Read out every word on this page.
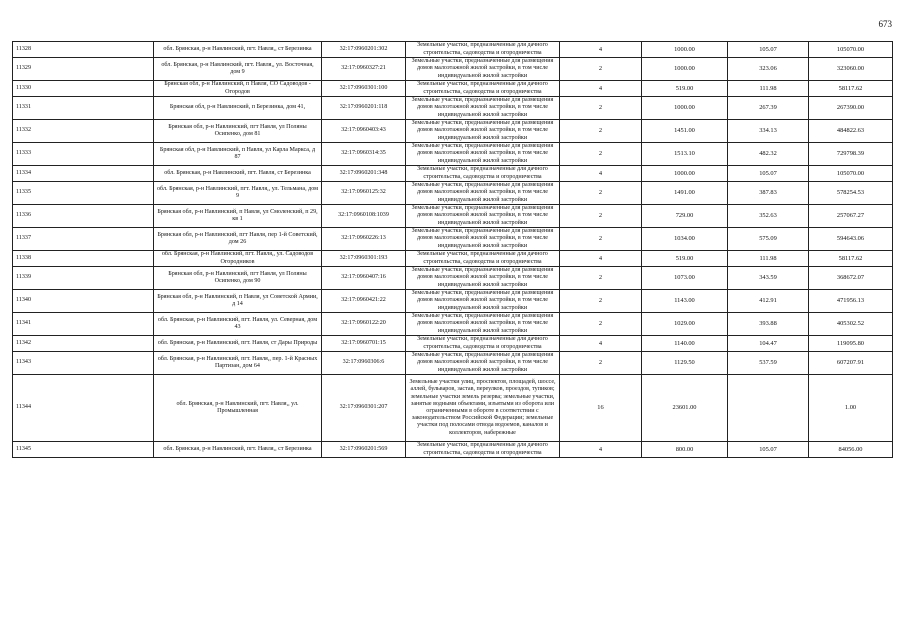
673
11328	обл. Брянская, р-н Навлинский, пгт. Навля,, ст Березинка	32:17:0960201:302	Земельные участки, предназначенные для дачного строительства, садоводства и огородничества	4	1000.00	105.07	105070.00
11329	обл. Брянская, р-н Навлинский, пгт. Навля,, ул. Восточная, дом 9	32:17:0960327:21	Земельные участки, предназначенные для размещения домов малоэтажной жилой застройки, в том числе индивидуальной жилой застройки	2	1000.00	323.06	323060.00
11330	Брянская обл, р-н Навлинский, п Навля, СО Садоводов - Огородов	32:17:0960301:100	Земельные участки, предназначенные для дачного строительства, садоводства и огородничества	4	519.00	111.98	58117.62
11331	Брянская обл, р-н Навлинский, п Березинка, дом 41,	32:17:0960201:118	Земельные участки, предназначенные для размещения домов малоэтажной жилой застройки, в том числе индивидуальной жилой застройки	2	1000.00	267.39	267390.00
11332	Брянская обл, р-н Навлинский, пгт Навля, ул Поляны Осипенко, дом 81	32:17:0960403:43	Земельные участки, предназначенные для размещения домов малоэтажной жилой застройки, в том числе индивидуальной жилой застройки	2	1451.00	334.13	484822.63
11333	Брянская обл, р-н Навлинский, п Навля, ул Карла Маркса, д 87	32:17:0960314:35	Земельные участки, предназначенные для размещения домов малоэтажной жилой застройки, в том числе индивидуальной жилой застройки	2	1513.10	482.32	729798.39
11334	обл. Брянская, р-н Навлинский, пгт. Навля, ст Березинка	32:17:0960201:348	Земельные участки, предназначенные для дачного строительства, садоводства и огородничества	4	1000.00	105.07	105070.00
11335	обл. Брянская, р-н Навлинский, пгт. Навля,, ул. Тельмана, дом 9	32:17:0960125:32	Земельные участки, предназначенные для размещения домов малоэтажной жилой застройки, в том числе индивидуальной жилой застройки	2	1491.00	387.83	578254.53
11336	Брянская обл, р-н Навлинский, п Навля, ул Смоленский, п 29, кв 1	32:17:0960108:1039	Земельные участки, предназначенные для размещения домов малоэтажной жилой застройки, в том числе индивидуальной жилой застройки	2	729.00	352.63	257067.27
11337	Брянская обл, р-н Навлинский, пгт Навля, пер 1-й Советский, дом 26	32:17:0960226:13	Земельные участки, предназначенные для размещения домов малоэтажной жилой застройки, в том числе индивидуальной жилой застройки	2	1034.00	575.09	594643.06
11338	обл. Брянская, р-н Навлинский, пгт. Навля,, ул. Садоводов Огородников	32:17:0960301:193	Земельные участки, предназначенные для дачного строительства, садоводства и огородничества	4	519.00	111.98	58117.62
11339	Брянская обл, р-н Навлинский, пгт Навля, ул Поляны Осипенко, дом 90	32:17:0960407:16	Земельные участки, предназначенные для размещения домов малоэтажной жилой застройки, в том числе индивидуальной жилой застройки	2	1073.00	343.59	368672.07
11340	Брянская обл, р-н Навлинский, п Навля, ул Советской Армии, д 14	32:17:0960421:22	Земельные участки, предназначенные для размещения домов малоэтажной жилой застройки, в том числе индивидуальной жилой застройки	2	1143.00	412.91	471956.13
11341	обл. Брянская, р-н Навлинский, пгт. Навля, ул. Северная, дом 43	32:17:0960122:20	Земельные участки, предназначенные для размещения домов малоэтажной жилой застройки, в том числе индивидуальной жилой застройки	2	1029.00	393.88	405302.52
11342	обл. Брянская, р-н Навлинский, пгт. Навля, ст Дары Природы	32:17:0960701:15	Земельные участки, предназначенные для дачного строительства, садоводства и огородничества	4	1140.00	104.47	119095.80
11343	обл. Брянская, р-н Навлинский, пгт. Навля,, пер. 1-й Красных Партизан, дом 64	32:17:0960306:6	Земельные участки, предназначенные для размещения домов малоэтажной жилой застройки, в том числе индивидуальной жилой застройки	2	1129.50	537.59	607207.91
11344	обл. Брянская, р-н Навлинский, пгт. Навля,, ул. Промышленная	32:17:0960301:207	Земельные участки улиц, проспектов, площадей, шоссе, аллей, бульваров, застав, переулков, проездов, тупиков; земельные участки земель резерва; земельные участки, занятые водными объектами, изъятыми из оборота или ограниченными в обороте в соответствии с законодательством Российской Федерации; земельные участки под полосами отвода водоемов, каналов и коллекторов, набережные	16	23601.00		1.00
11345	обл. Брянская, р-н Навлинский, пгт. Навля,, ст Березинка	32:17:0960201:569	Земельные участки, предназначенные для дачного строительства, садоводства и огородничества	4	800.00	105.07	84056.00
